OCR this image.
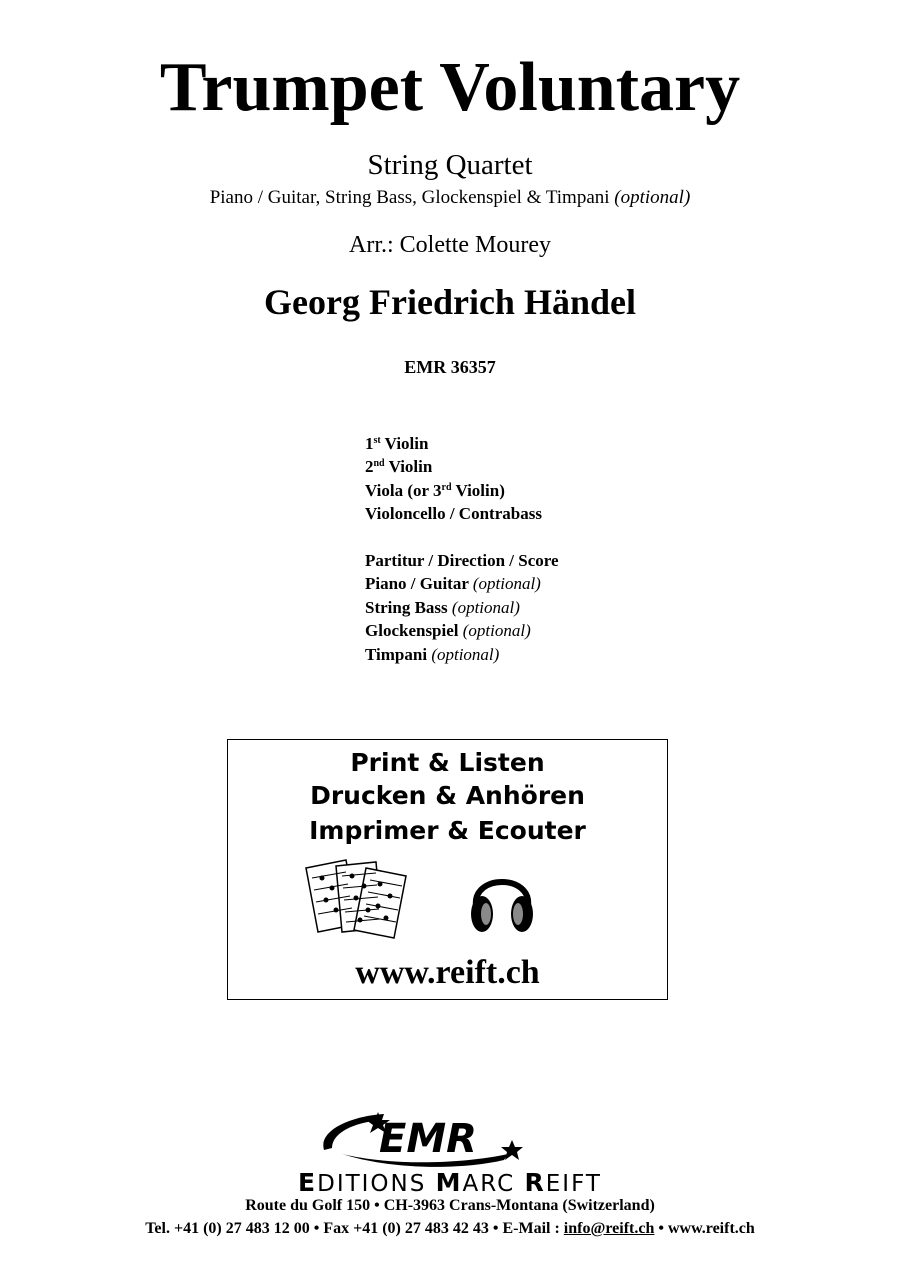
Trumpet Voluntary
String Quartet
Piano / Guitar, String Bass, Glockenspiel & Timpani (optional)
Arr.: Colette Mourey
Georg Friedrich Händel
EMR 36357
1st Violin
2nd Violin
Viola (or 3rd Violin)
Violoncello / Contrabass
Partitur / Direction / Score
Piano / Guitar (optional)
String Bass (optional)
Glockenspiel (optional)
Timpani (optional)
Print & Listen
Drucken & Anhören
Imprimer & Ecouter
www.reift.ch
EMR
EDITIONS MARC REIFT
Route du Golf 150 • CH-3963 Crans-Montana (Switzerland)
Tel. +41 (0) 27 483 12 00 • Fax +41 (0) 27 483 42 43 • E-Mail : info@reift.ch • www.reift.ch
